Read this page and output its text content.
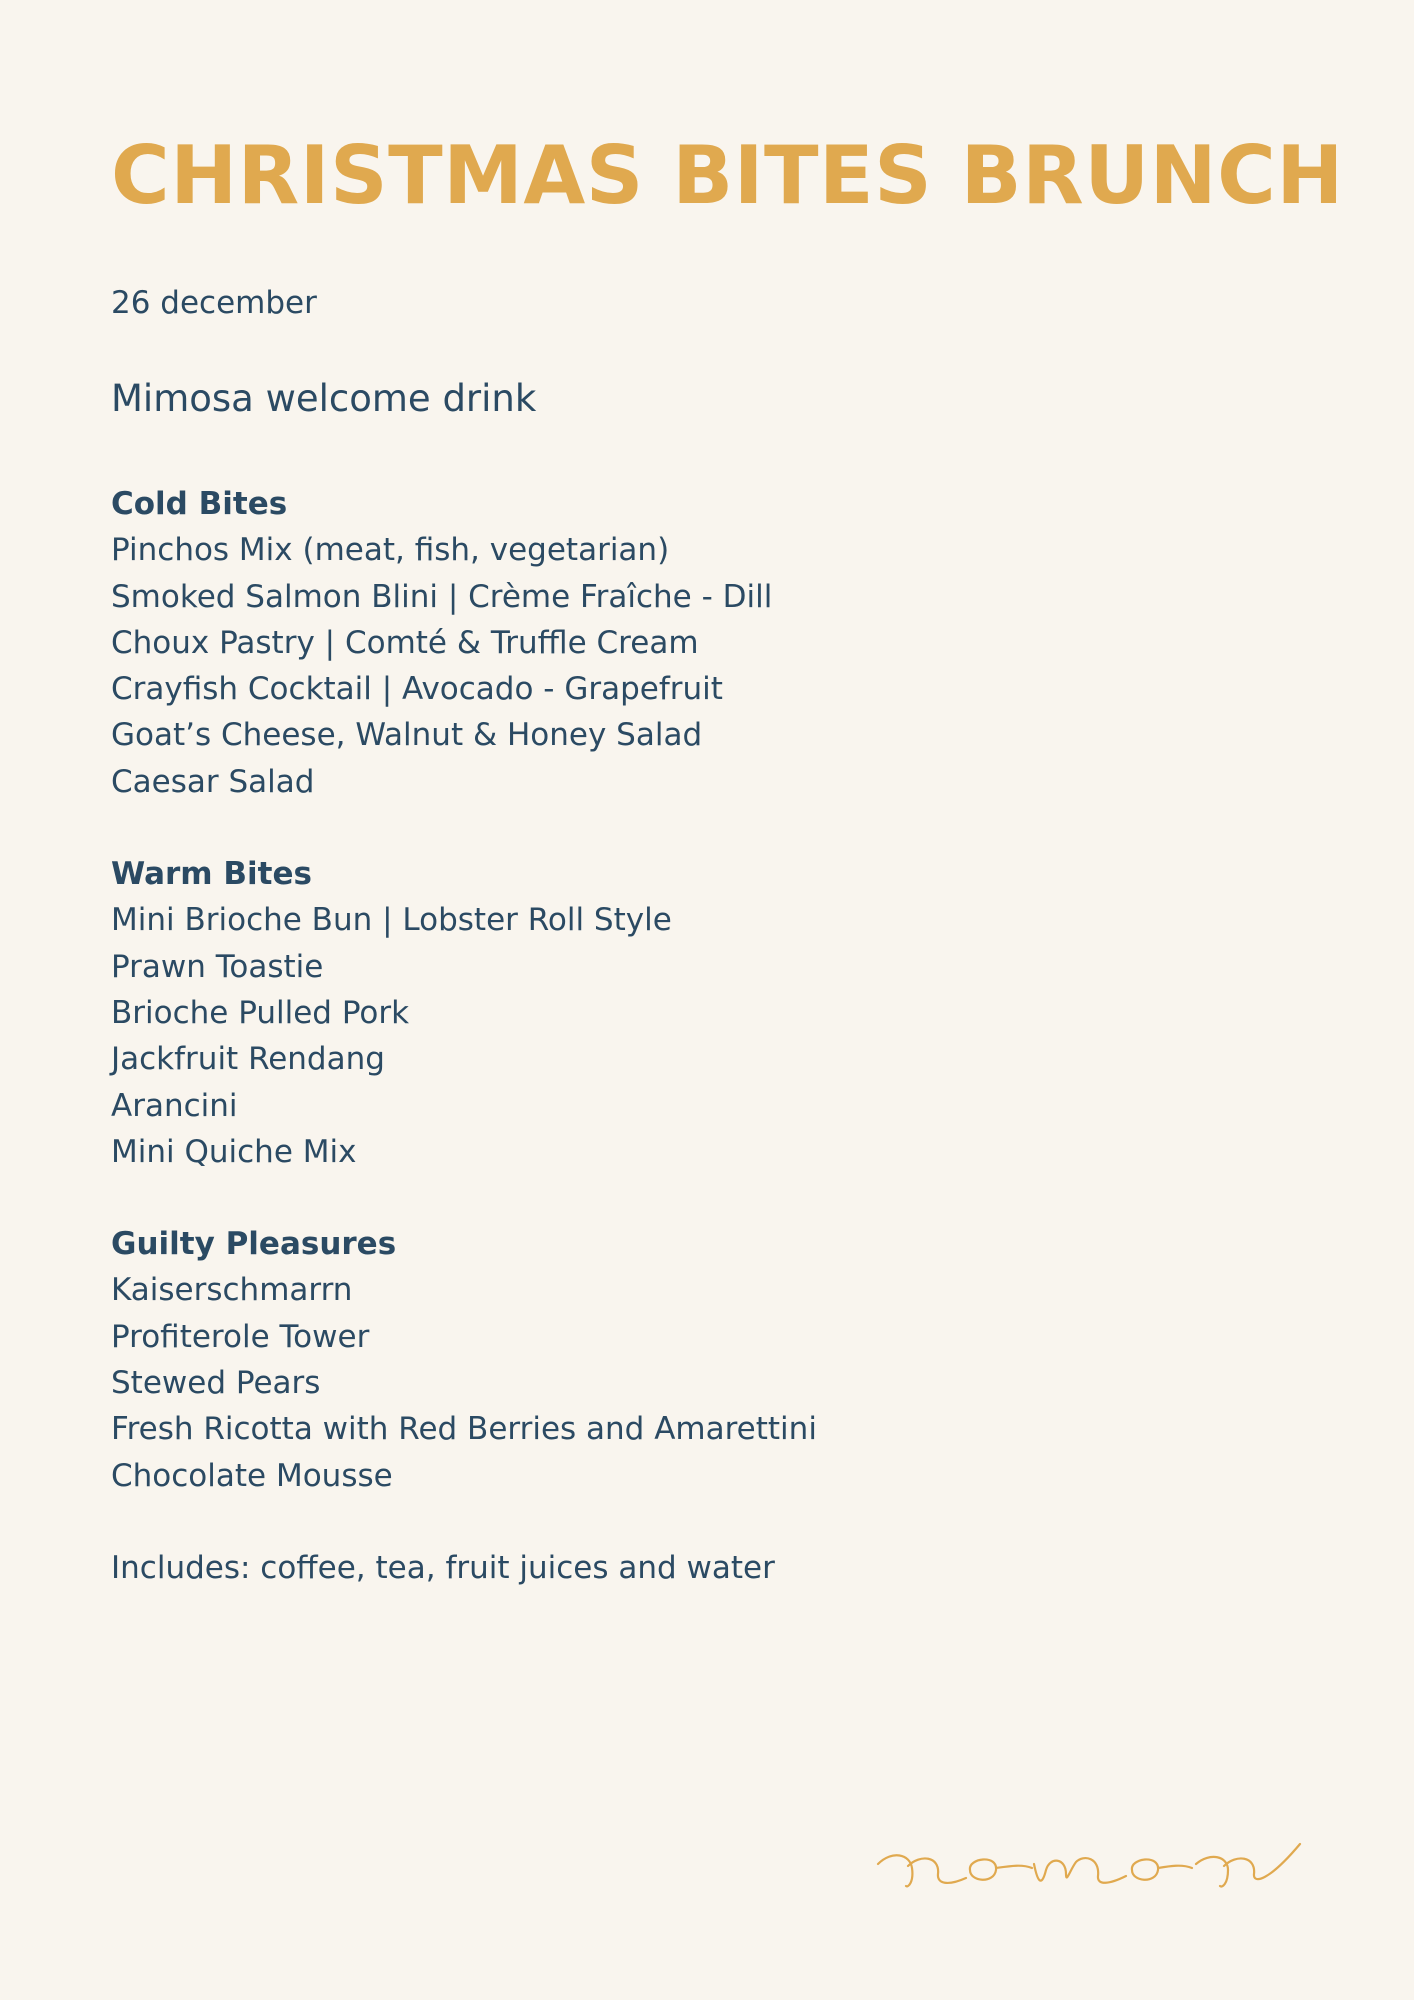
CHRISTMAS BITES BRUNCH
26 december
Mimosa welcome drink
Cold Bites
Pinchos Mix (meat, fish, vegetarian)
Smoked Salmon Blini | Crème Fraîche - Dill
Choux Pastry | Comté & Truffle Cream
Crayfish Cocktail | Avocado - Grapefruit
Goat’s Cheese, Walnut & Honey Salad
Caesar Salad
Warm Bites
Mini Brioche Bun | Lobster Roll Style
Prawn Toastie
Brioche Pulled Pork
Jackfruit Rendang
Arancini
Mini Quiche Mix
Guilty Pleasures
Kaiserschmarrn
Profiterole Tower
Stewed Pears
Fresh Ricotta with Red Berries and Amarettini
Chocolate Mousse
Includes: coffee, tea, fruit juices and water
